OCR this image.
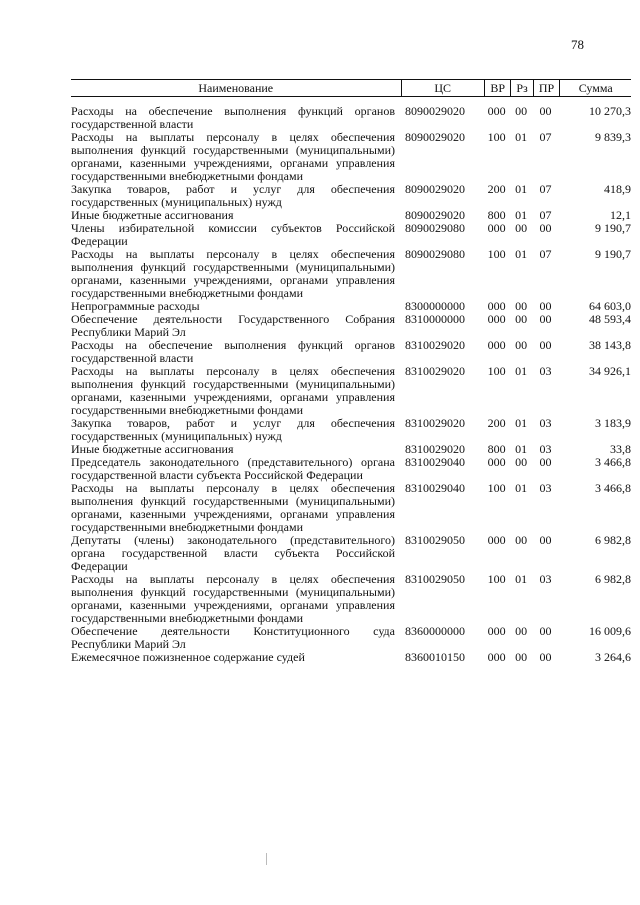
78
Наименование	ЦС	ВР	Рз	ПР	Сумма
Расходы на обеспечение выполнения функций органов государственной власти	8090029020	000	00	00	10 270,3
Расходы на выплаты персоналу в целях обеспечения выполнения функций государственными (муниципальными) органами, казенными учреждениями, органами управления государственными внебюджетными фондами	8090029020	100	01	07	9 839,3
Закупка товаров, работ и услуг для обеспечения государственных (муниципальных) нужд	8090029020	200	01	07	418,9
Иные бюджетные ассигнования	8090029020	800	01	07	12,1
Члены избирательной комиссии субъектов Российской Федерации	8090029080	000	00	00	9 190,7
Расходы на выплаты персоналу в целях обеспечения выполнения функций государственными (муниципальными) органами, казенными учреждениями, органами управления государственными внебюджетными фондами	8090029080	100	01	07	9 190,7
Непрограммные расходы	8300000000	000	00	00	64 603,0
Обеспечение деятельности Государственного Собрания Республики Марий Эл	8310000000	000	00	00	48 593,4
Расходы на обеспечение выполнения функций органов государственной власти	8310029020	000	00	00	38 143,8
Расходы на выплаты персоналу в целях обеспечения выполнения функций государственными (муниципальными) органами, казенными учреждениями, органами управления государственными внебюджетными фондами	8310029020	100	01	03	34 926,1
Закупка товаров, работ и услуг для обеспечения государственных (муниципальных) нужд	8310029020	200	01	03	3 183,9
Иные бюджетные ассигнования	8310029020	800	01	03	33,8
Председатель законодательного (представительного) органа государственной власти субъекта Российской Федерации	8310029040	000	00	00	3 466,8
Расходы на выплаты персоналу в целях обеспечения выполнения функций государственными (муниципальными) органами, казенными учреждениями, органами управления государственными внебюджетными фондами	8310029040	100	01	03	3 466,8
Депутаты (члены) законодательного (представительного) органа государственной власти субъекта Российской Федерации	8310029050	000	00	00	6 982,8
Расходы на выплаты персоналу в целях обеспечения выполнения функций государственными (муниципальными) органами, казенными учреждениями, органами управления государственными внебюджетными фондами	8310029050	100	01	03	6 982,8
Обеспечение деятельности Конституционного суда Республики Марий Эл	8360000000	000	00	00	16 009,6
Ежемесячное пожизненное содержание судей	8360010150	000	00	00	3 264,6
